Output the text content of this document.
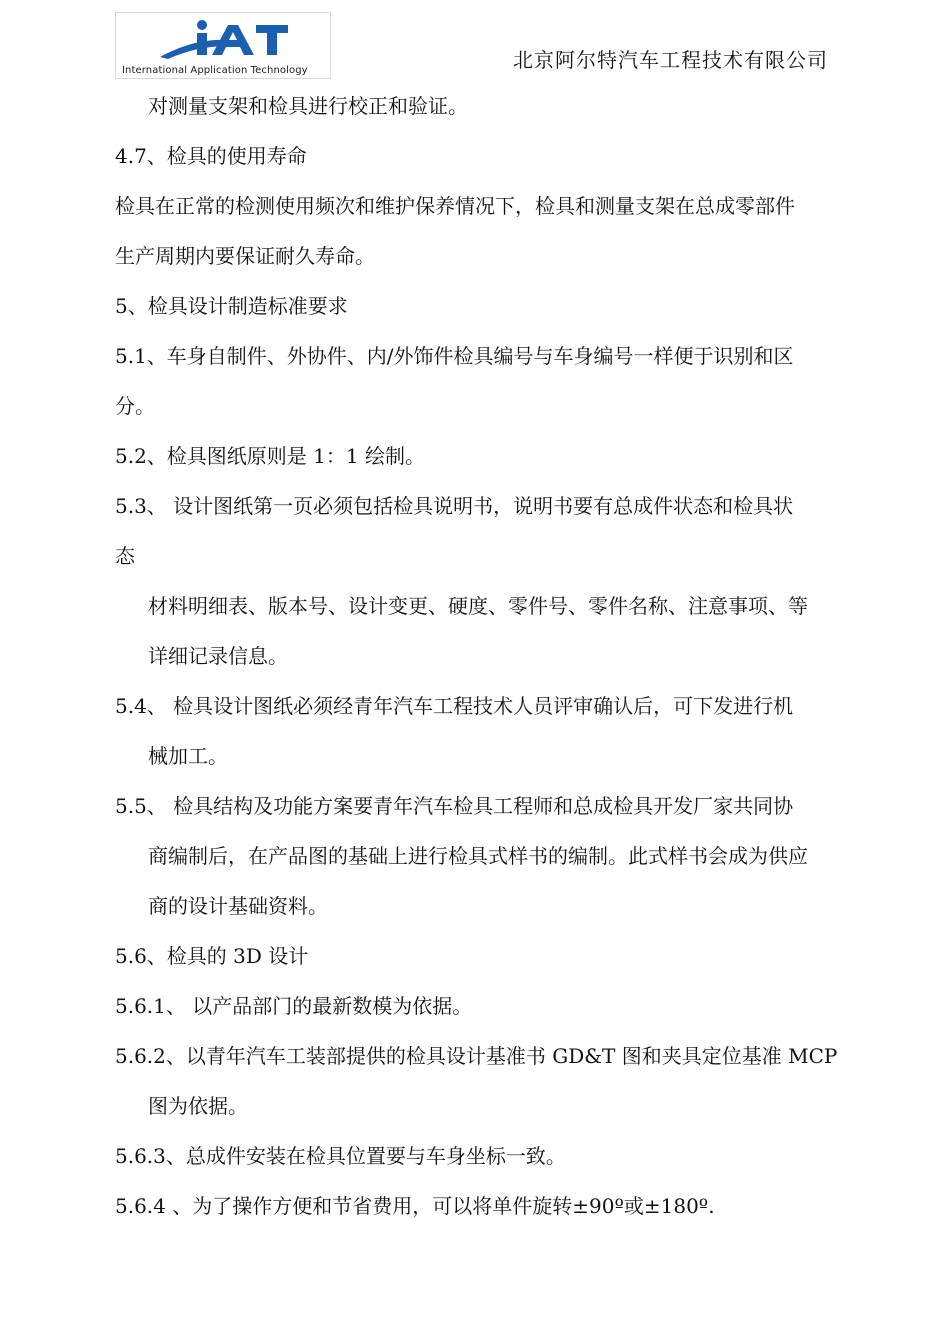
International Application Technology	北京阿尔特汽车工程技术有限公司
对测量支架和检具进行校正和验证。
4.7、检具的使用寿命
检具在正常的检测使用频次和维护保养情况下，检具和测量支架在总成零部件
生产周期内要保证耐久寿命。
5、检具设计制造标准要求
5.1、车身自制件、外协件、内/外饰件检具编号与车身编号一样便于识别和区
分。
5.2、检具图纸原则是 1：1 绘制。
5.3、 设计图纸第一页必须包括检具说明书，说明书要有总成件状态和检具状
态
材料明细表、版本号、设计变更、硬度、零件号、零件名称、注意事项、等
详细记录信息。
5.4、 检具设计图纸必须经青年汽车工程技术人员评审确认后，可下发进行机
械加工。
5.5、 检具结构及功能方案要青年汽车检具工程师和总成检具开发厂家共同协
商编制后，在产品图的基础上进行检具式样书的编制。此式样书会成为供应
商的设计基础资料。
5.6、检具的 3D 设计
5.6.1、 以产品部门的最新数模为依据。
5.6.2、以青年汽车工装部提供的检具设计基准书 GD&T 图和夹具定位基准 MCP
图为依据。
5.6.3、总成件安装在检具位置要与车身坐标一致。
5.6.4 、为了操作方便和节省费用，可以将单件旋转±90º或±180º.
